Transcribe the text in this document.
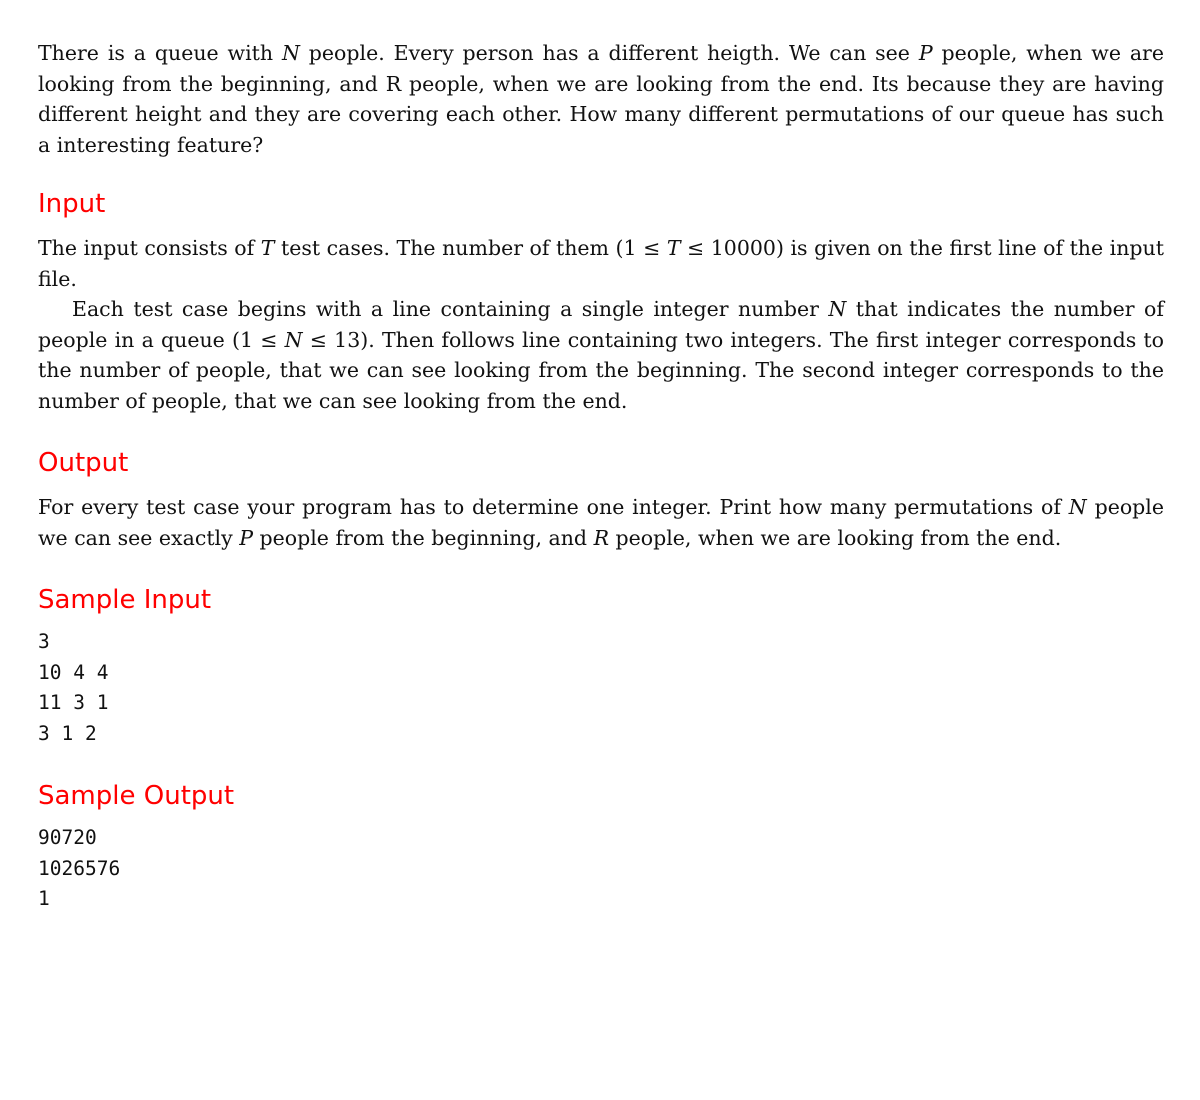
There is a queue with N people. Every person has a different heigth. We can see P people, when we are looking from the beginning, and R people, when we are looking from the end. Its because they are having different height and they are covering each other. How many different permutations of our queue has such a interesting feature?

Input

The input consists of T test cases. The number of them (1 ≤ T ≤ 10000) is given on the first line of the input file.

Each test case begins with a line containing a single integer number N that indicates the number of people in a queue (1 ≤ N ≤ 13). Then follows line containing two integers. The first integer corresponds to the number of people, that we can see looking from the beginning. The second integer corresponds to the number of people, that we can see looking from the end.

Output

For every test case your program has to determine one integer. Print how many permutations of N people we can see exactly P people from the beginning, and R people, when we are looking from the end.

Sample Input
3
10 4 4
11 3 1
3 1 2
Sample Output
90720
1026576
1
